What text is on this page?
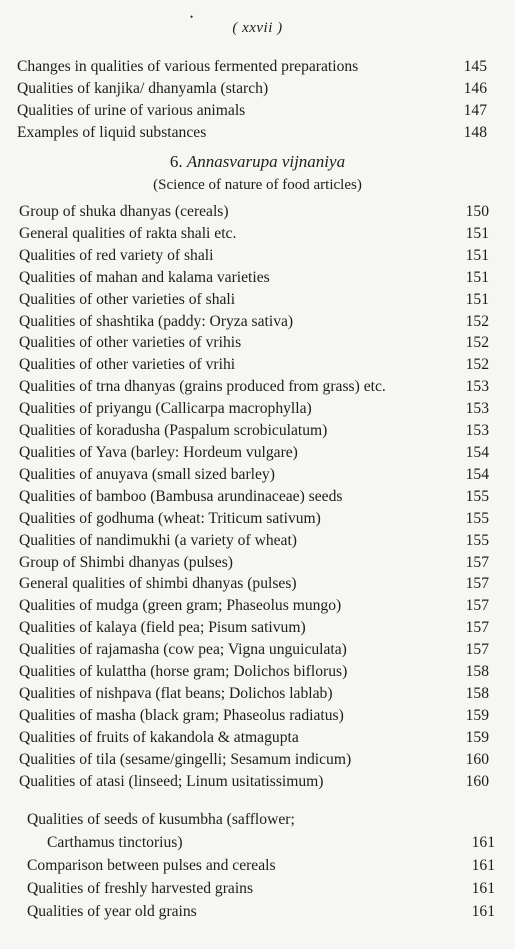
•
( xxvii )
Changes in qualities of various fermented preparations	145
Qualities of kanjika/ dhanyamla (starch)	146
Qualities of urine of various animals	147
Examples of liquid substances	148
6. Annasvarupa vijnaniya
(Science of nature of food articles)
Group of shuka dhanyas (cereals)	150
General qualities of rakta shali etc.	151
Qualities of red variety of shali	151
Qualities of mahan and kalama varieties	151
Qualities of other varieties of shali	151
Qualities of shashtika (paddy: Oryza sativa)	152
Qualities of other varieties of vrihis	152
Qualities of other varieties of vrihi	152
Qualities of trna dhanyas (grains produced from grass) etc.	153
Qualities of priyangu (Callicarpa macrophylla)	153
Qualities of koradusha (Paspalum scrobiculatum)	153
Qualities of Yava (barley: Hordeum vulgare)	154
Qualities of anuyava (small sized barley)	154
Qualities of bamboo (Bambusa arundinaceae) seeds	155
Qualities of godhuma (wheat: Triticum sativum)	155
Qualities of nandimukhi (a variety of wheat)	155
Group of Shimbi dhanyas (pulses)	157
General qualities of shimbi dhanyas (pulses)	157
Qualities of mudga (green gram; Phaseolus mungo)	157
Qualities of kalaya (field pea; Pisum sativum)	157
Qualities of rajamasha (cow pea; Vigna unguiculata)	157
Qualities of kulattha (horse gram; Dolichos biflorus)	158
Qualities of nishpava (flat beans; Dolichos lablab)	158
Qualities of masha (black gram; Phaseolus radiatus)	159
Qualities of fruits of kakandola & atmagupta	159
Qualities of tila (sesame/gingelli; Sesamum indicum)	160
Qualities of atasi (linseed; Linum usitatissimum)	160
Qualities of seeds of kusumbha (safflower;
Carthamus tinctorius)	161
Comparison between pulses and cereals	161
Qualities of freshly harvested grains	161
Qualities of year old grains	161
